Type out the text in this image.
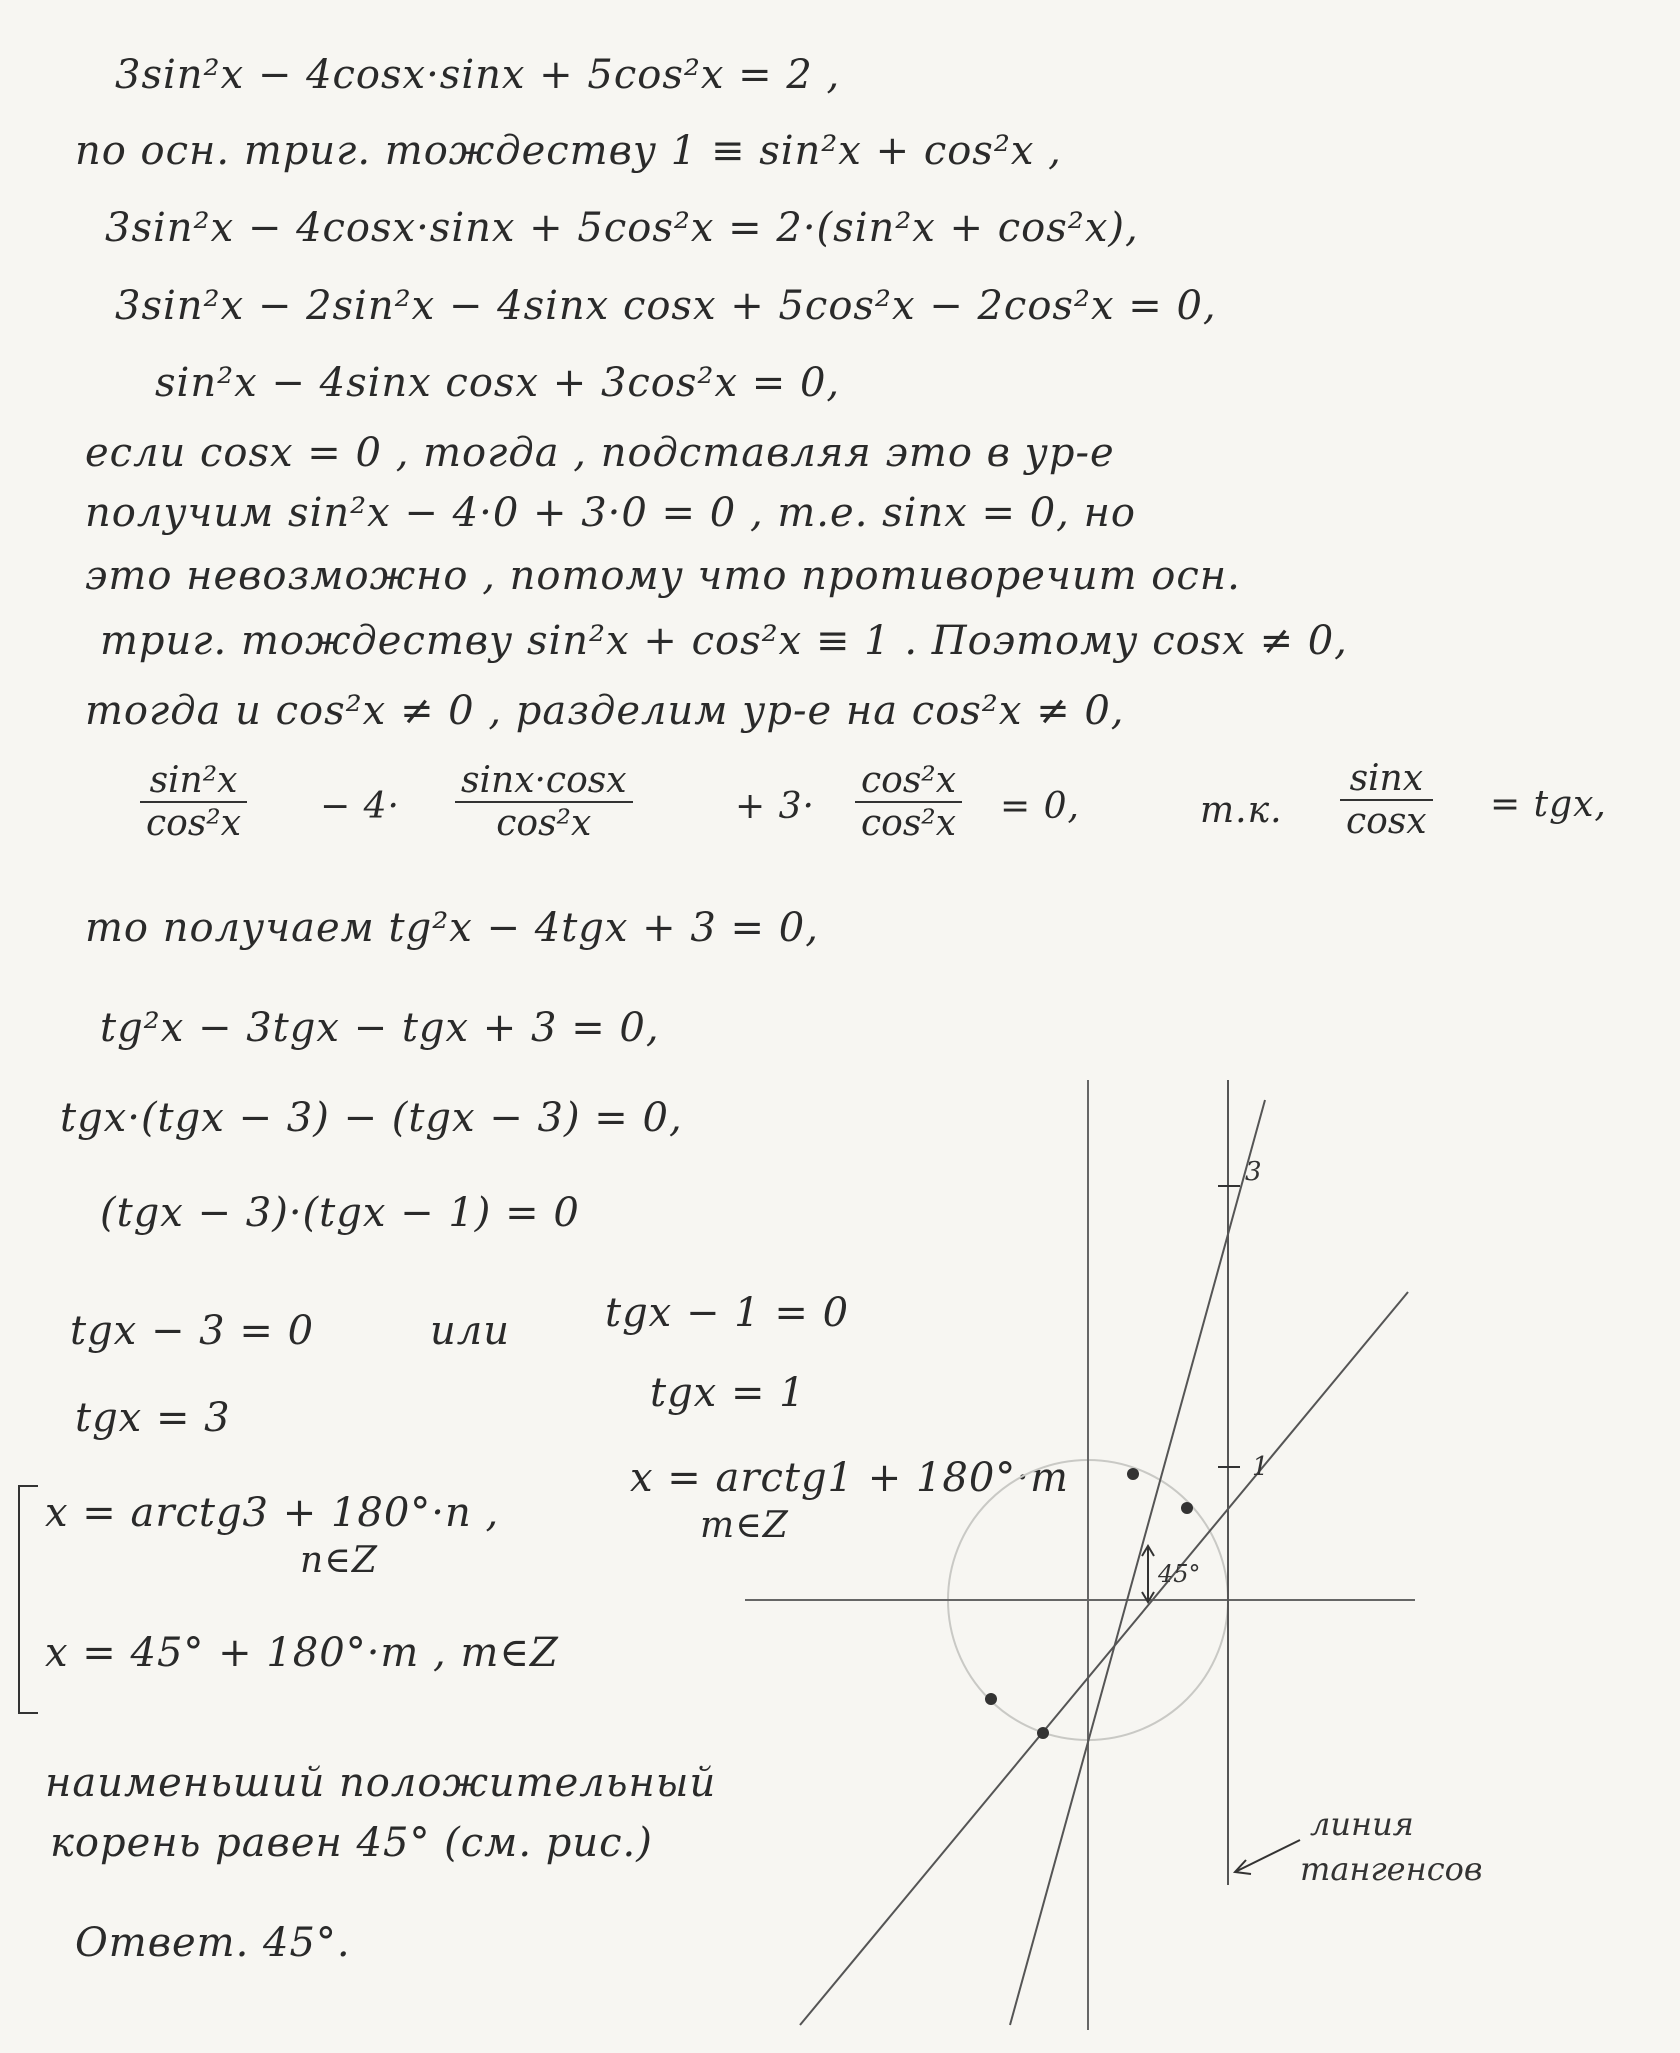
3sin²x − 4cosx·sinx + 5cos²x = 2 ,
по осн. триг. тождеству 1 ≡ sin²x + cos²x ,
3sin²x − 4cosx·sinx + 5cos²x = 2·(sin²x + cos²x),
3sin²x − 2sin²x − 4sinx cosx + 5cos²x − 2cos²x = 0,
sin²x − 4sinx cosx + 3cos²x = 0,
если cosx = 0 , тогда , подставляя это в ур-е
получим sin²x − 4·0 + 3·0 = 0 , т.е. sinx = 0, но
это невозможно , потому что противоречит осн.
триг. тождеству sin²x + cos²x ≡ 1 . Поэтому cosx ≠ 0,
тогда и cos²x ≠ 0 , разделим ур-е на cos²x ≠ 0,
$\frac{\text{sin²x}}{\text{cos²x}} - 4\cdot \frac{\sin x\cdot\cos x}{\text{cos²x}}$	+ $3\cdot \frac{\text{cos²x}}{\text{cos²x}} = 0$,	т.к. $\frac{\sin x}{\cos x}$ = tgx,
то получаем tg²x − 4tgx + 3 = 0,
tg²x − 3tgx − tgx + 3 = 0,
tgx·(tgx − 3) − (tgx − 3) = 0,
(tgx − 3)·(tgx − 1) = 0
tgx − 3 = 0	или tgx − 1 = 0
tgx = 3
tgx = 1
x = arctg3 + 180°·n ,
x = arctg1 + 180°·m
n∈Z
m∈Z
x = 45° + 180°·m , m∈Z
наименьший положительный
корень равен 45° (см. рис.)
Ответ. 45°.
3
1
45°
линия
тангенсов
